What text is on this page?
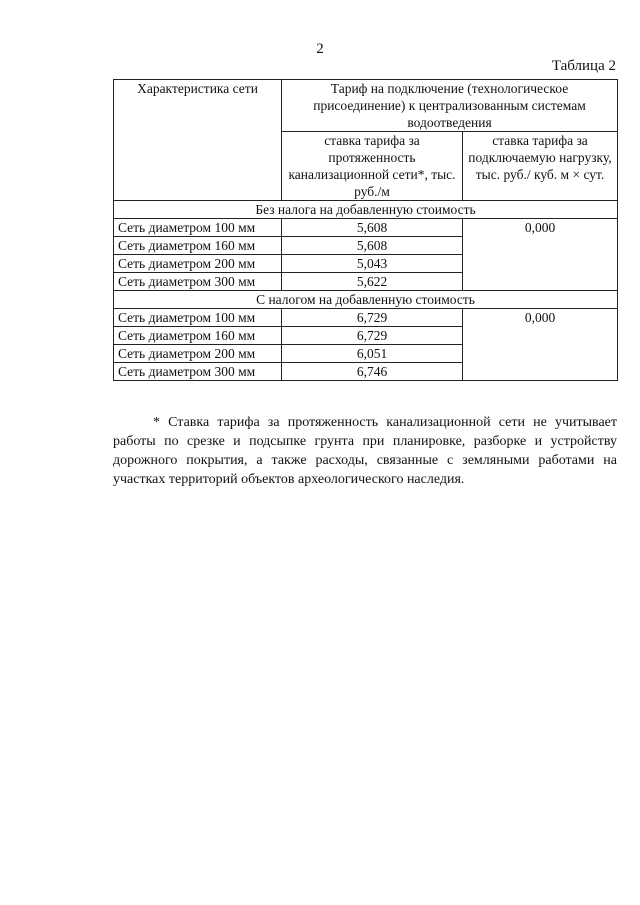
2
Таблица 2
Характеристика сети	Тариф на подключение (технологическое присоединение) к централизованным системам водоотведения	
	ставка тарифа за протяженность канализационной сети*, тыс. руб./м	ставка тарифа за подключаемую нагрузку, тыс. руб./ куб. м × сут.
Без налога на добавленную стоимость		
Сеть диаметром 100 мм	5,608	0,000
Сеть диаметром 160 мм	5,608	
Сеть диаметром 200 мм	5,043	
Сеть диаметром 300 мм	5,622	
С налогом на добавленную стоимость		
Сеть диаметром 100 мм	6,729	0,000
Сеть диаметром 160 мм	6,729	
Сеть диаметром 200 мм	6,051	
Сеть диаметром 300 мм	6,746	

* Ставка тарифа за протяженность канализационной сети не учитывает работы по срезке и подсыпке грунта при планировке, разборке и устройству дорожного покрытия, а также расходы, связанные с земляными работами на участках территорий объектов археологического наследия.
